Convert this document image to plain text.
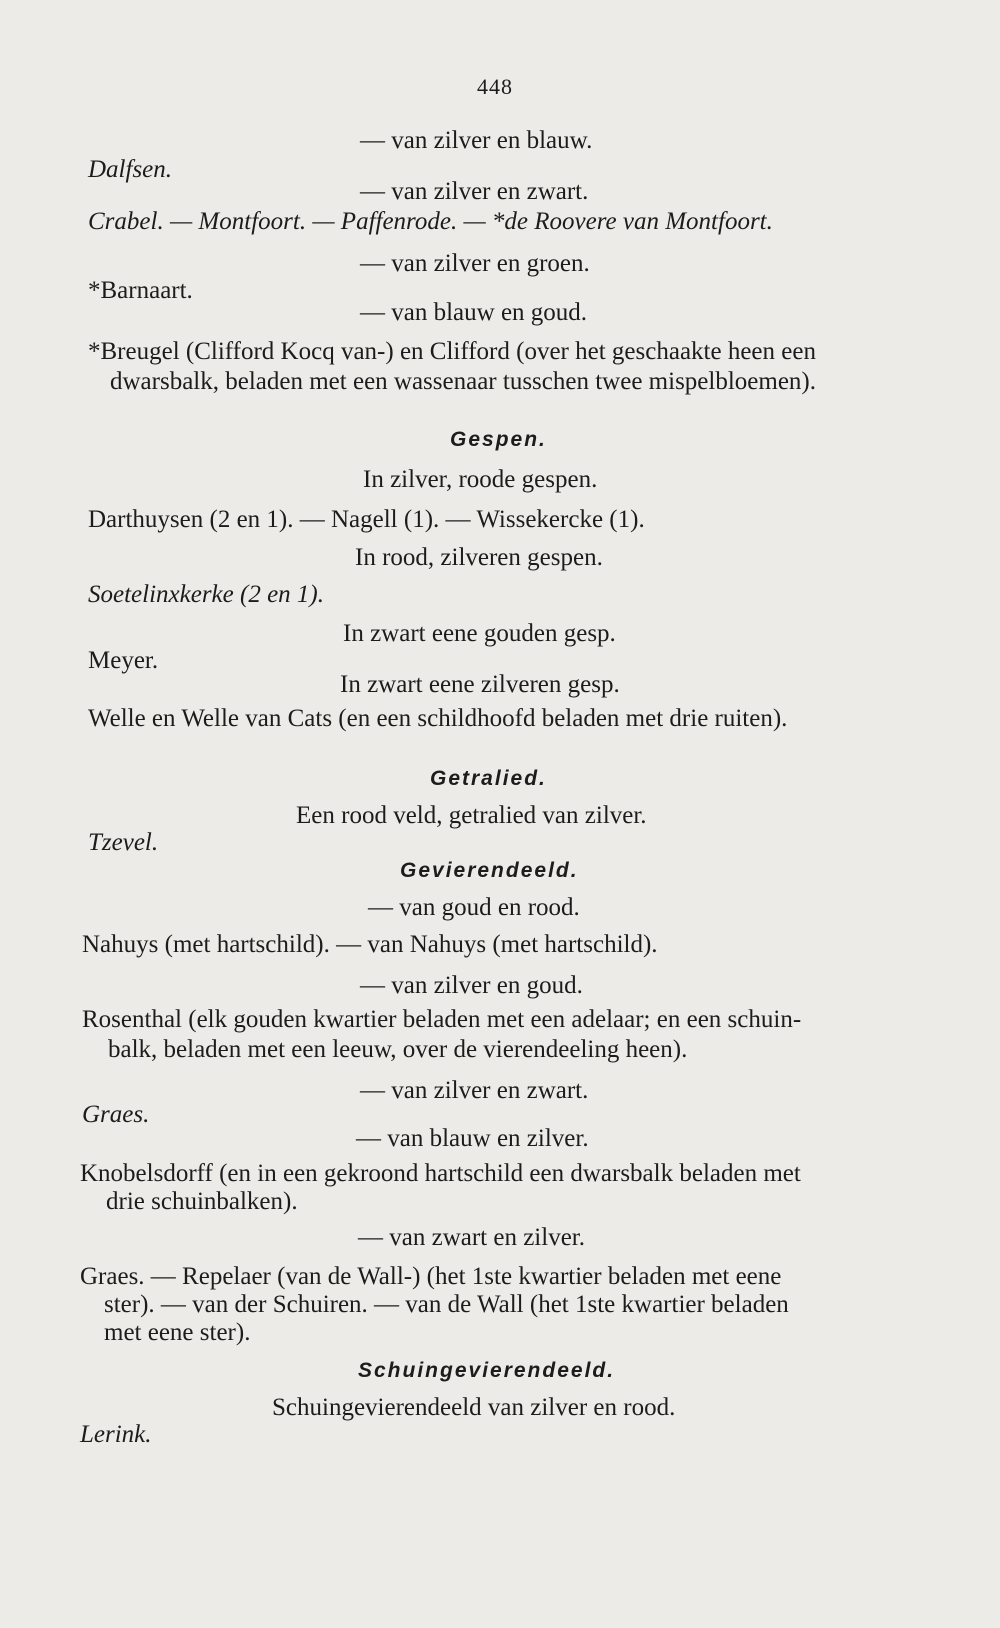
448
— van zilver en blauw.
Dalfsen.
— van zilver en zwart.
Crabel. — Montfoort. — Paffenrode. — *de Roovere van Montfoort.
— van zilver en groen.
*Barnaart.
— van blauw en goud.
*Breugel (Clifford Kocq van-) en Clifford (over het geschaakte heen een
dwarsbalk, beladen met een wassenaar tusschen twee mispelbloemen).
Gespen.
In zilver, roode gespen.
Darthuysen (2 en 1). — Nagell (1). — Wissekercke (1).
In rood, zilveren gespen.
Soetelinxkerke (2 en 1).
In zwart eene gouden gesp.
Meyer.
In zwart eene zilveren gesp.
Welle en Welle van Cats (en een schildhoofd beladen met drie ruiten).
Getralied.
Een rood veld, getralied van zilver.
Tzevel.
Gevierendeeld.
— van goud en rood.
Nahuys (met hartschild). — van Nahuys (met hartschild).
— van zilver en goud.
Rosenthal (elk gouden kwartier beladen met een adelaar; en een schuin-
balk, beladen met een leeuw, over de vierendeeling heen).
— van zilver en zwart.
Graes.
— van blauw en zilver.
Knobelsdorff (en in een gekroond hartschild een dwarsbalk beladen met
drie schuinbalken).
— van zwart en zilver.
Graes. — Repelaer (van de Wall-) (het 1ste kwartier beladen met eene
ster). — van der Schuiren. — van de Wall (het 1ste kwartier beladen
met eene ster).
Schuingevierendeeld.
Schuingevierendeeld van zilver en rood.
Lerink.
